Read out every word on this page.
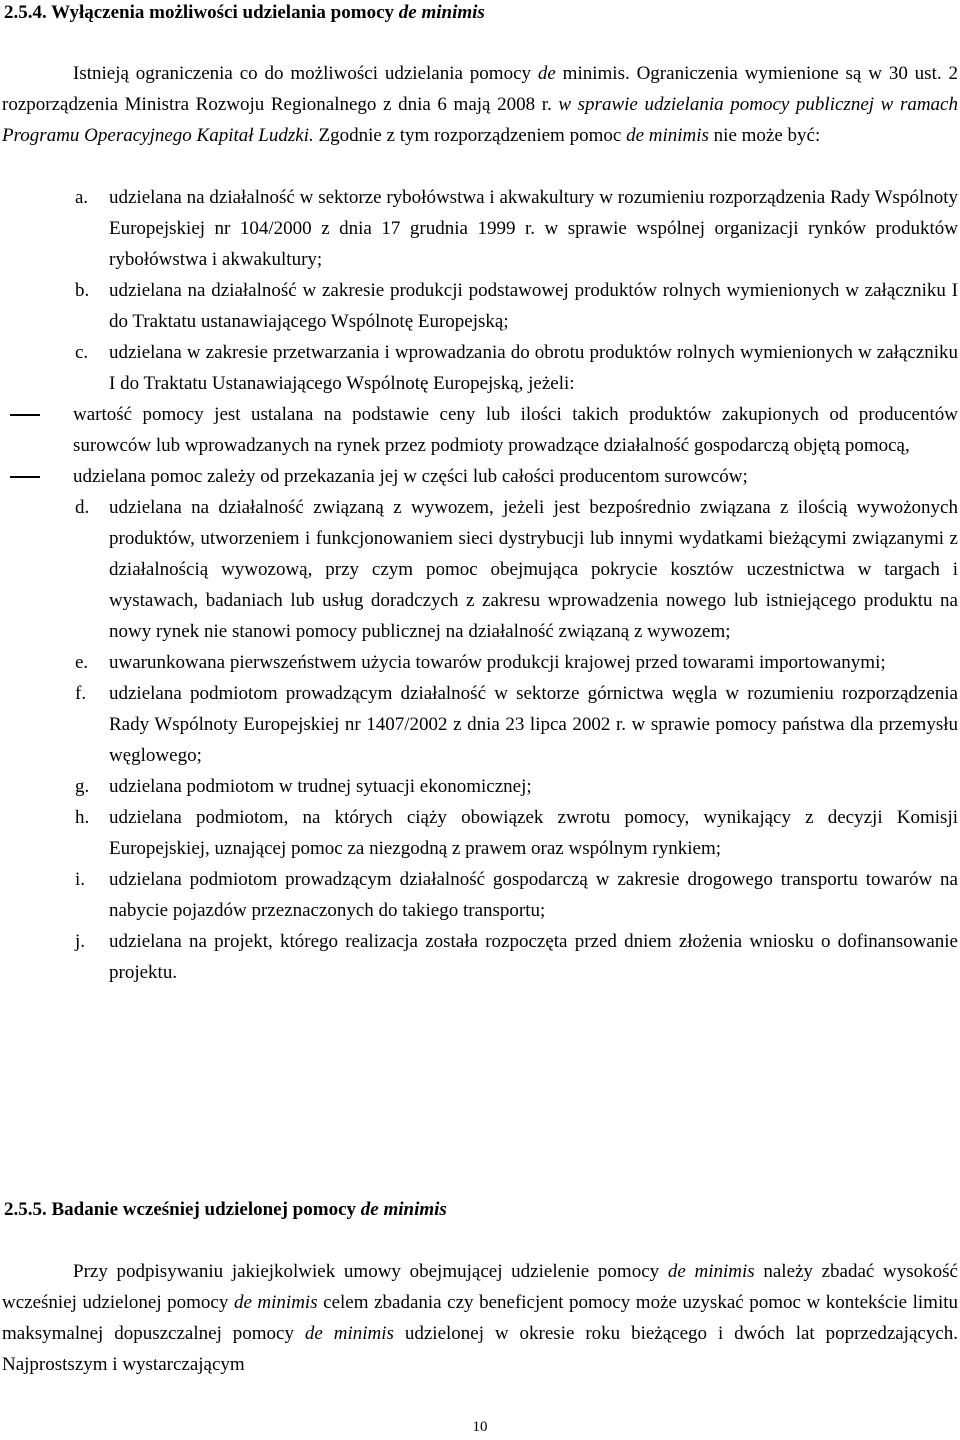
2.5.4. Wyłączenia możliwości udzielania pomocy de minimis
Istnieją ograniczenia co do możliwości udzielania pomocy de minimis. Ograniczenia wymienione są w 30 ust. 2 rozporządzenia Ministra Rozwoju Regionalnego z dnia 6 mają 2008 r. w sprawie udzielania pomocy publicznej w ramach Programu Operacyjnego Kapitał Ludzki. Zgodnie z tym rozporządzeniem pomoc de minimis nie może być:
a. udzielana na działalność w sektorze rybołówstwa i akwakultury w rozumieniu rozporządzenia Rady Wspólnoty Europejskiej nr 104/2000 z dnia 17 grudnia 1999 r. w sprawie wspólnej organizacji rynków produktów rybołówstwa i akwakultury;
b. udzielana na działalność w zakresie produkcji podstawowej produktów rolnych wymienionych w załączniku I do Traktatu ustanawiającego Wspólnotę Europejską;
c. udzielana w zakresie przetwarzania i wprowadzania do obrotu produktów rolnych wymienionych w załączniku I do Traktatu Ustanawiającego Wspólnotę Europejską, jeżeli:
wartość pomocy jest ustalana na podstawie ceny lub ilości takich produktów zakupionych od producentów surowców lub wprowadzanych na rynek przez podmioty prowadzące działalność gospodarczą objętą pomocą,
udzielana pomoc zależy od przekazania jej w części lub całości producentom surowców;
d. udzielana na działalność związaną z wywozem, jeżeli jest bezpośrednio związana z ilością wywożonych produktów, utworzeniem i funkcjonowaniem sieci dystrybucji lub innymi wydatkami bieżącymi związanymi z działalnością wywozową, przy czym pomoc obejmująca pokrycie kosztów uczestnictwa w targach i wystawach, badaniach lub usług doradczych z zakresu wprowadzenia nowego lub istniejącego produktu na nowy rynek nie stanowi pomocy publicznej na działalność związaną z wywozem;
e. uwarunkowana pierwszeństwem użycia towarów produkcji krajowej przed towarami importowanymi;
f. udzielana podmiotom prowadzącym działalność w sektorze górnictwa węgla w rozumieniu rozporządzenia Rady Wspólnoty Europejskiej nr 1407/2002 z dnia 23 lipca 2002 r. w sprawie pomocy państwa dla przemysłu węglowego;
g. udzielana podmiotom w trudnej sytuacji ekonomicznej;
h. udzielana podmiotom, na których ciąży obowiązek zwrotu pomocy, wynikający z decyzji Komisji Europejskiej, uznającej pomoc za niezgodną z prawem oraz wspólnym rynkiem;
i. udzielana podmiotom prowadzącym działalność gospodarczą w zakresie drogowego transportu towarów na nabycie pojazdów przeznaczonych do takiego transportu;
j. udzielana na projekt, którego realizacja została rozpoczęta przed dniem złożenia wniosku o dofinansowanie projektu.
2.5.5. Badanie wcześniej udzielonej pomocy de minimis
Przy podpisywaniu jakiejkolwiek umowy obejmującej udzielenie pomocy de minimis należy zbadać wysokość wcześniej udzielonej pomocy de minimis celem zbadania czy beneficjent pomocy może uzyskać pomoc w kontekście limitu maksymalnej dopuszczalnej pomocy de minimis udzielonej w okresie roku bieżącego i dwóch lat poprzedzających. Najprostszym i wystarczającym
10
